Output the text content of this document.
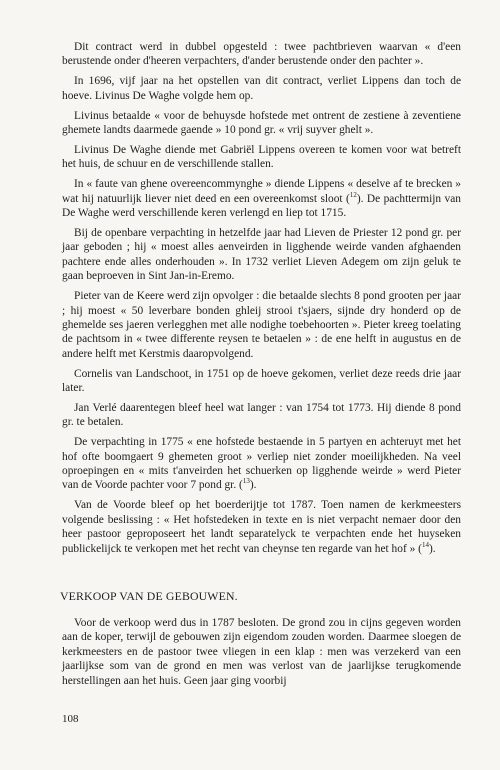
Dit contract werd in dubbel opgesteld : twee pachtbrieven waarvan « d'een berustende onder d'heeren verpachters, d'ander berustende onder den pachter ».

In 1696, vijf jaar na het opstellen van dit contract, verliet Lippens dan toch de hoeve. Livinus De Waghe volgde hem op.

Livinus betaalde « voor de behuysde hofstede met ontrent de zestiene à zeventiene ghemete landts daarmede gaende » 10 pond gr. « vrij suyver ghelt ».

Livinus De Waghe diende met Gabriël Lippens overeen te komen voor wat betreft het huis, de schuur en de verschillende stallen.

In « faute van ghene overeencommynghe » diende Lippens « deselve af te brecken » wat hij natuurlijk liever niet deed en een overeenkomst sloot ($^{12}$). De pachttermijn van De Waghe werd verschillende keren verlengd en liep tot 1715.

Bij de openbare verpachting in hetzelfde jaar had Lieven de Priester 12 pond gr. per jaar geboden ; hij « moest alles aenveirden in ligghende weirde vanden afghaenden pachtere ende alles onderhouden ». In 1732 verliet Lieven Adegem om zijn geluk te gaan beproeven in Sint Jan-in-Eremo.

Pieter van de Keere werd zijn opvolger : die betaalde slechts 8 pond grooten per jaar ; hij moest « 50 leverbare bonden ghleij strooi t'sjaers, sijnde dry honderd op de ghemelde ses jaeren verlegghen met alle nodighe toebehoorten ». Pieter kreeg toelating de pachtsom in « twee differente reysen te betaelen » : de ene helft in augustus en de andere helft met Kerstmis daaropvolgend.

Cornelis van Landschoot, in 1751 op de hoeve gekomen, verliet deze reeds drie jaar later.

Jan Verlé daarentegen bleef heel wat langer : van 1754 tot 1773. Hij diende 8 pond gr. te betalen.

De verpachting in 1775 « ene hofstede bestaende in 5 partyen en achteruyt met het hof ofte boomgaert 9 ghemeten groot » verliep niet zonder moeilijkheden. Na veel oproepingen en « mits t'anveirden het schuerken op ligghende weirde » werd Pieter van de Voorde pachter voor 7 pond gr. ($^{13}$).

Van de Voorde bleef op het boerderijtje tot 1787. Toen namen de kerkmeesters volgende beslissing : « Het hofstedeken in texte en is niet verpacht nemaer door den heer pastoor geproposeert het landt separatelyck te verpachten ende het huyseken publickelijck te verkopen met het recht van cheynse ten regarde van het hof » ($^{14}$).

VERKOOP VAN DE GEBOUWEN.

Voor de verkoop werd dus in 1787 besloten. De grond zou in cijns gegeven worden aan de koper, terwijl de gebouwen zijn eigendom zouden worden. Daarmee sloegen de kerkmeesters en de pastoor twee vliegen in een klap : men was verzekerd van een jaarlijkse som van de grond en men was verlost van de jaarlijkse terugkomende herstellingen aan het huis. Geen jaar ging voorbij

108
